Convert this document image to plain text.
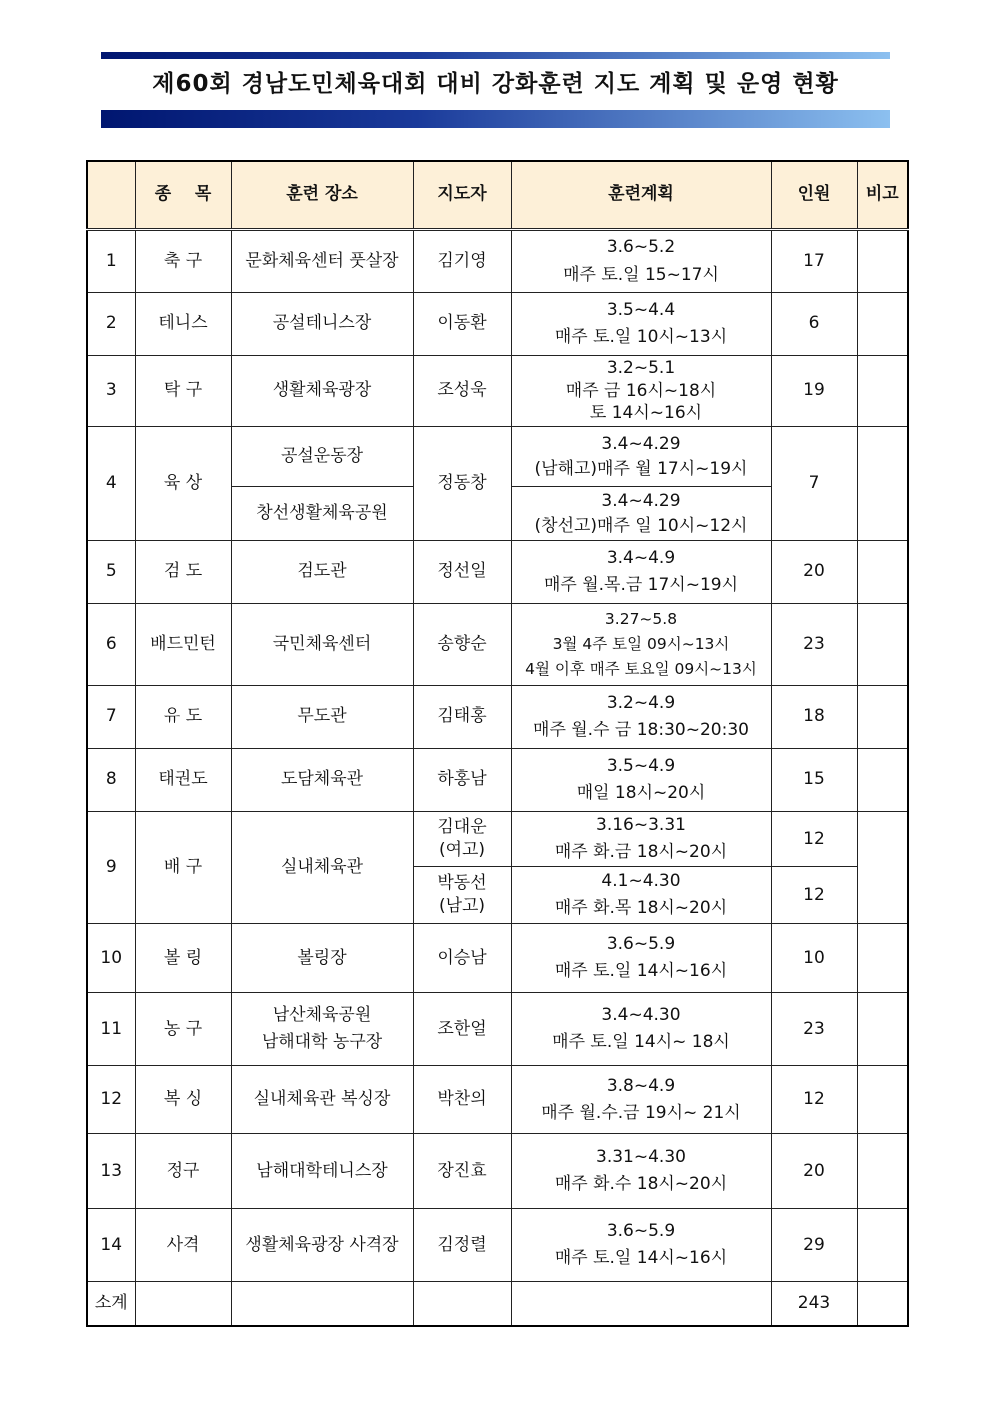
제60회 경남도민체육대회 대비 강화훈련 지도 계획 및 운영 현황
	종    목	훈련 장소	지도자	훈련계획	인원	비고
1	축 구	문화체육센터 풋살장	김기영	3.6~5.2
매주 토.일 15~17시	17	
2	테니스	공설테니스장	이동환	3.5~4.4
매주 토.일 10시~13시	6	
3	탁 구	생활체육광장	조성욱	3.2~5.1
매주 금 16시~18시
토 14시~16시	19	
4	육 상	공설운동장	정동창	3.4~4.29
(남해고)매주 월 17시~19시	7	
		창선생활체육공원		3.4~4.29
(창선고)매주 일 10시~12시		

5	검 도	검도관	정선일	3.4~4.9
매주 월.목.금 17시~19시	20	
6	배드민턴	국민체육센터	송향순	3.27~5.8
3월 4주 토일 09시~13시
4월 이후 매주 토요일 09시~13시	23	
7	유 도	무도관	김태홍	3.2~4.9
매주 월.수 금 18:30~20:30	18	
8	태권도	도담체육관	하홍남	3.5~4.9
매일 18시~20시	15	
9	배 구	실내체육관	김대운
(여고)	3.16~3.31
매주 화.금 18시~20시	12	

			박동선
(남고)	4.1~4.30
매주 화.목 18시~20시	12	
10	볼 링	볼링장	이승남	3.6~5.9
매주 토.일 14시~16시	10	
11	농 구	남산체육공원
남해대학 농구장	조한얼	3.4~4.30
매주 토.일 14시~ 18시	23	
12	복 싱	실내체육관 복싱장	박찬의	3.8~4.9
매주 월.수.금 19시~ 21시	12	
13	정구	남해대학테니스장	장진효	3.31~4.30
매주 화.수 18시~20시	20	
14	사격	생활체육광장 사격장	김정렬	3.6~5.9
매주 토.일 14시~16시	29	
소계					243	
